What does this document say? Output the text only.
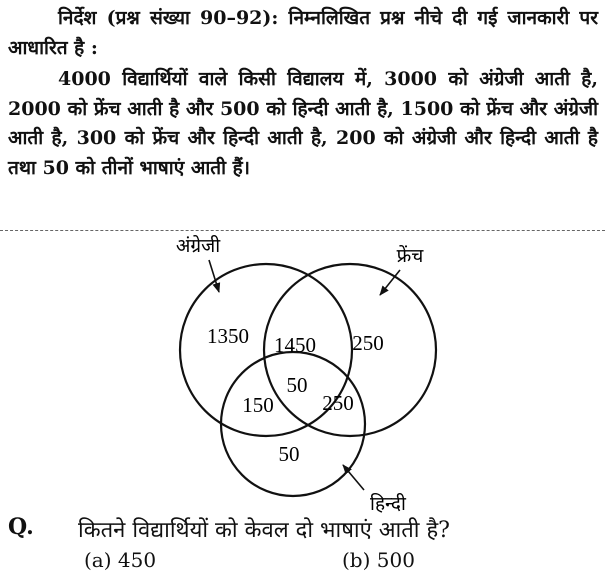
निर्देश (प्रश्न संख्या 90–92): निम्नलिखित प्रश्न नीचे दी गई जानकारी पर आधारित है :

4000 विद्यार्थियों वाले किसी विद्यालय में, 3000 को अंग्रेजी आती है, 2000 को फ्रेंच आती है और 500 को हिन्दी आती है, 1500 को फ्रेंच और अंग्रेजी आती है, 300 को फ्रेंच और हिन्दी आती है, 200 को अंग्रेजी और हिन्दी आती है तथा 50 को तीनों भाषाएं आती हैं।

अंग्रेजी	फ्रेंच
हिन्दी
1350 1450 250
50
150 250
50
Q. कितने विद्यार्थियों को केवल दो भाषाएं आती है?
(a) 450	(b) 500
